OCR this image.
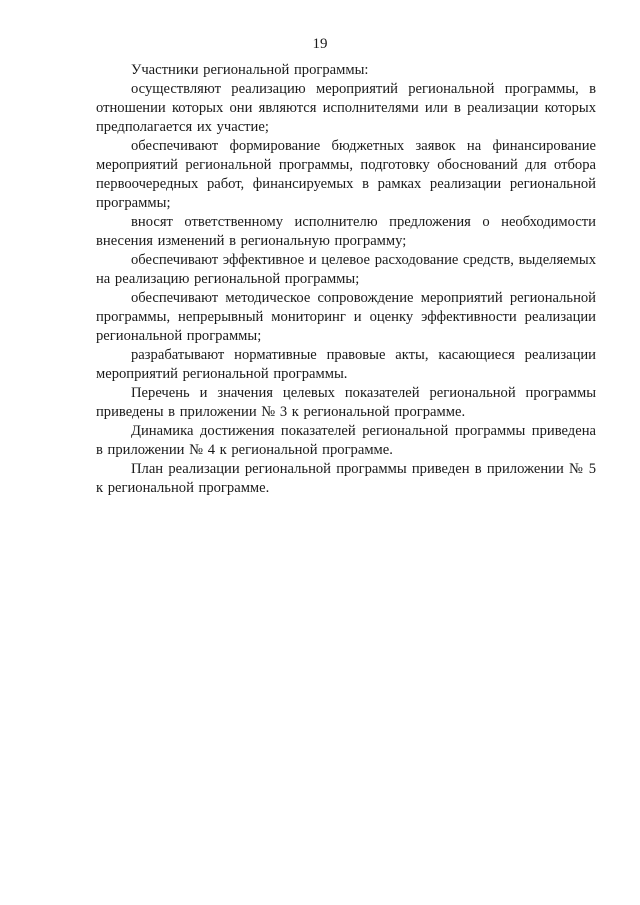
19

Участники региональной программы:

осуществляют реализацию мероприятий региональной программы, в отношении которых они являются исполнителями или в реализации которых предполагается их участие;

обеспечивают формирование бюджетных заявок на финансирование мероприятий региональной программы, подготовку обоснований для отбора первоочередных работ, финансируемых в рамках реализации региональной программы;

вносят ответственному исполнителю предложения о необходимости внесения изменений в региональную программу;

обеспечивают эффективное и целевое расходование средств, выделяемых на реализацию региональной программы;

обеспечивают методическое сопровождение мероприятий региональной программы, непрерывный мониторинг и оценку эффективности реализации региональной программы;

разрабатывают нормативные правовые акты, касающиеся реализации мероприятий региональной программы.

Перечень и значения целевых показателей региональной программы приведены в приложении № 3 к региональной программе.

Динамика достижения показателей региональной программы приведена в приложении № 4 к региональной программе.

План реализации региональной программы приведен в приложении № 5 к региональной программе.
